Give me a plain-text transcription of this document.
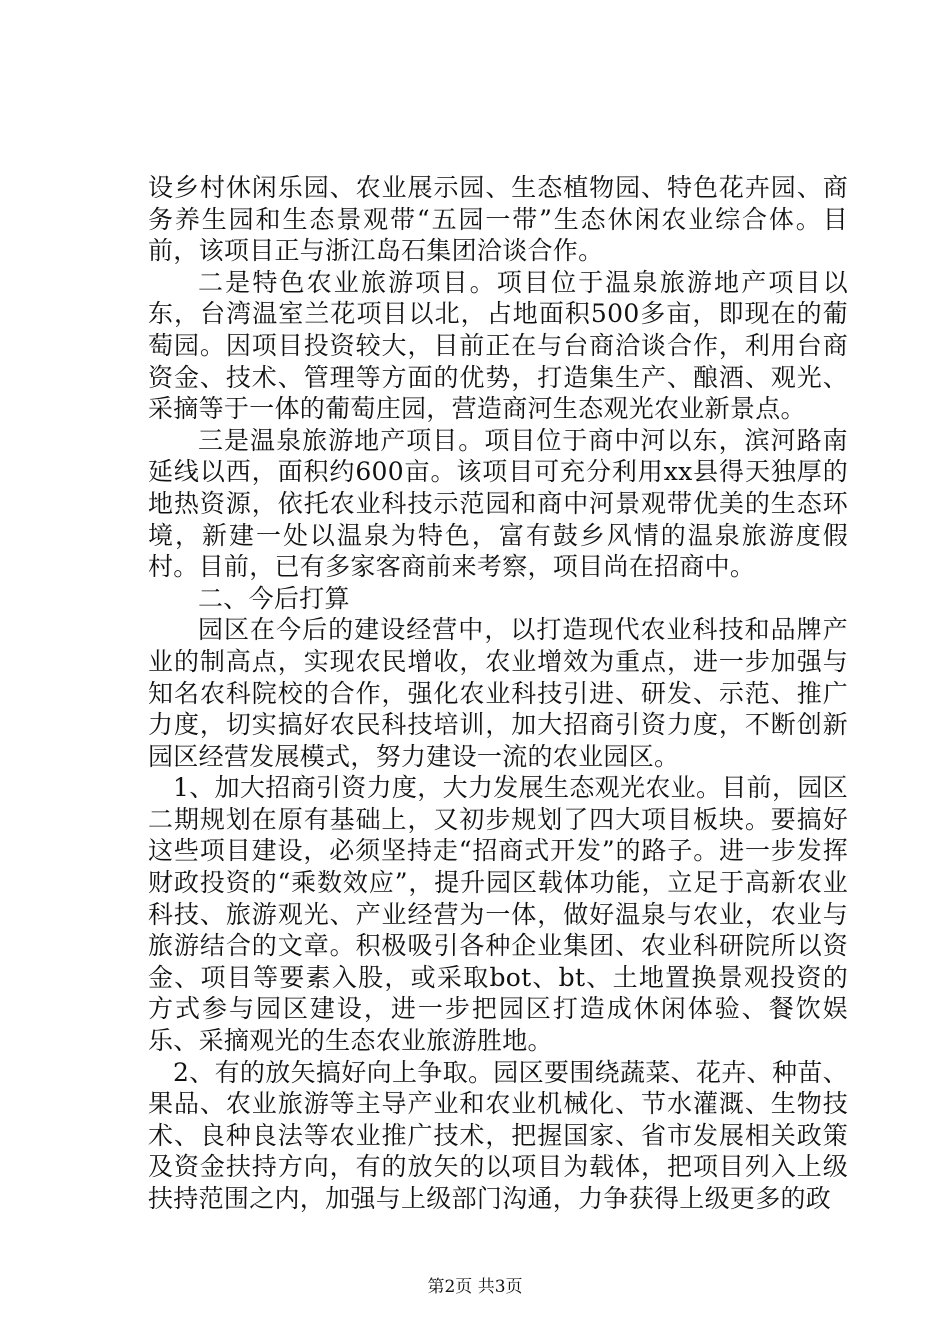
设乡村休闲乐园、农业展示园、生态植物园、特色花卉园、商务养生园和生态景观带“五园一带”生态休闲农业综合体。目前，该项目正与浙江岛石集团洽谈合作。

二是特色农业旅游项目。项目位于温泉旅游地产项目以东，台湾温室兰花项目以北，占地面积500多亩，即现在的葡萄园。因项目投资较大，目前正在与台商洽谈合作，利用台商资金、技术、管理等方面的优势，打造集生产、酿酒、观光、采摘等于一体的葡萄庄园，营造商河生态观光农业新景点。

三是温泉旅游地产项目。项目位于商中河以东，滨河路南延线以西，面积约600亩。该项目可充分利用xx县得天独厚的地热资源，依托农业科技示范园和商中河景观带优美的生态环境，新建一处以温泉为特色，富有鼓乡风情的温泉旅游度假村。目前，已有多家客商前来考察，项目尚在招商中。

二、今后打算

园区在今后的建设经营中，以打造现代农业科技和品牌产业的制高点，实现农民增收，农业增效为重点，进一步加强与知名农科院校的合作，强化农业科技引进、研发、示范、推广力度，切实搞好农民科技培训，加大招商引资力度，不断创新园区经营发展模式，努力建设一流的农业园区。

1、加大招商引资力度，大力发展生态观光农业。目前，园区二期规划在原有基础上，又初步规划了四大项目板块。要搞好这些项目建设，必须坚持走“招商式开发”的路子。进一步发挥财政投资的“乘数效应”，提升园区载体功能，立足于高新农业科技、旅游观光、产业经营为一体，做好温泉与农业，农业与旅游结合的文章。积极吸引各种企业集团、农业科研院所以资金、项目等要素入股，或采取bot、bt、土地置换景观投资的方式参与园区建设，进一步把园区打造成休闲体验、餐饮娱乐、采摘观光的生态农业旅游胜地。

2、有的放矢搞好向上争取。园区要围绕蔬菜、花卉、种苗、果品、农业旅游等主导产业和农业机械化、节水灌溉、生物技术、良种良法等农业推广技术，把握国家、省市发展相关政策及资金扶持方向，有的放矢的以项目为载体，把项目列入上级扶持范围之内，加强与上级部门沟通，力争获得上级更多的政

第2页 共3页
